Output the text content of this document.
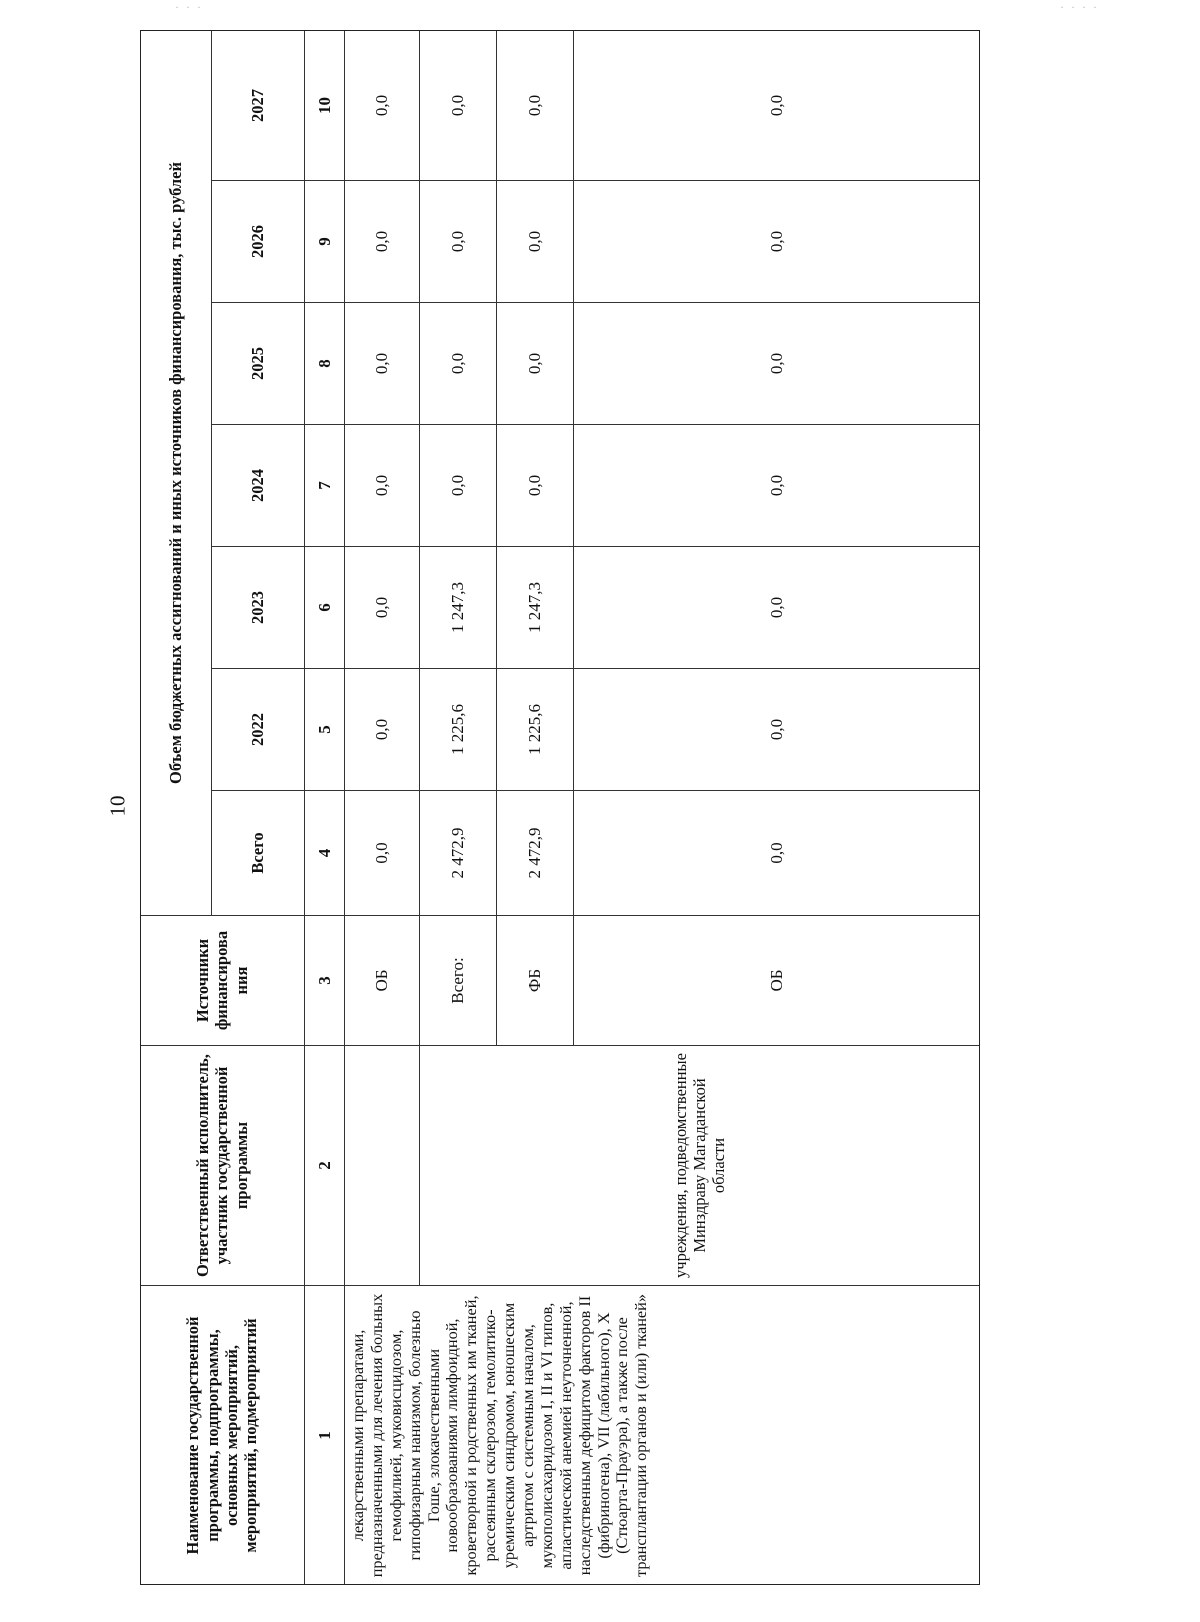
· · ·	· · · ·
10
Наименование государственной программы, подпрограммы, основных мероприятий, мероприятий, подмероприятий
Ответственный исполнитель, участник государственной программы
Источники финансирова ния
Объем бюджетных ассигнований и иных источников финансирования, тыс. рублей
Всего
2022
2023
2024
2025
2026
2027
1
2
3
4
5
6
7
8
9
10
лекарственными препаратами, предназначенными для лечения больных гемофилией, муковисцидозом, гипофизарным нанизмом, болезнью Гоше, злокачественными новообразованиями лимфоидной, кроветворной и родственных им тканей, рассеянным склерозом, гемолитико-уремическим синдромом, юношеским артритом с системным началом, мукополисахаридозом I, II и VI типов, апластической анемией неуточненной, наследственным дефицитом факторов II (фибриногена), VII (лабильного), X (Стюарта-Прауэра), а также после трансплантации органов и (или) тканей»
учреждения, подведомственные Минздраву Магаданской области
ОБ
0,0
0,0
0,0
0,0
0,0
0,0
0,0
Всего:
2 472,9
1 225,6
1 247,3
0,0
0,0
0,0
0,0
ФБ
2 472,9
1 225,6
1 247,3
0,0
0,0
0,0
0,0
ОБ
0,0
0,0
0,0
0,0
0,0
0,0
0,0
